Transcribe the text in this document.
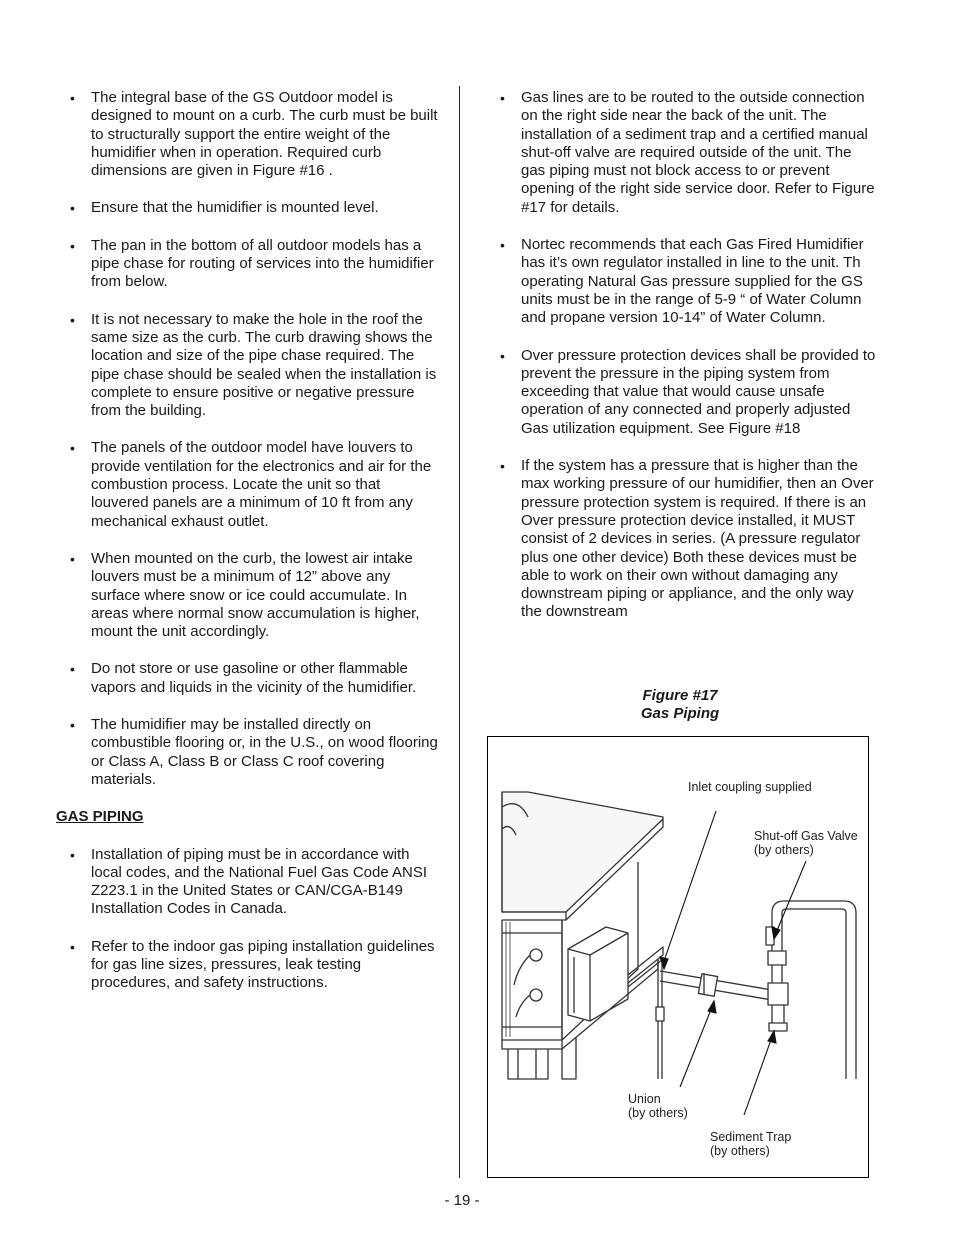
• The integral base of the GS Outdoor model is designed to mount on a curb. The curb must be built to structurally support the entire weight of the humidifier when in operation. Required curb dimensions are given in Figure #16 .
• Ensure that the humidifier is mounted level.
• The pan in the bottom of all outdoor models has a pipe chase for routing of services into the humidifier from below.
• It is not necessary to make the hole in the roof the same size as the curb. The curb drawing shows the location and size of the pipe chase required. The pipe chase should be sealed when the installation is complete to ensure positive or negative pressure from the building.
• The panels of the outdoor model have louvers to provide ventilation for the electronics and air for the combustion process. Locate the unit so that louvered panels are a minimum of 10 ft from any mechanical exhaust outlet.
• When mounted on the curb, the lowest air intake louvers must be a minimum of 12” above any surface where snow or ice could accumulate. In areas where normal snow accumulation is higher, mount the unit accordingly.
• Do not store or use gasoline or other flammable vapors and liquids in the vicinity of the humidifier.
• The humidifier may be installed directly on combustible flooring or, in the U.S., on wood flooring or Class A, Class B or Class C roof covering materials.
GAS PIPING
• Installation of piping must be in accordance with local codes, and the National Fuel Gas Code ANSI Z223.1 in the United States or CAN/CGA-B149 Installation Codes in Canada.
• Refer to the indoor gas piping installation guidelines for gas line sizes, pressures, leak testing procedures, and safety instructions.
• Gas lines are to be routed to the outside connection on the right side near the back of the unit. The installation of a sediment trap and a certified manual shut-off valve are required outside of the unit. The gas piping must not block access to or prevent opening of the right side service door. Refer to Figure #17 for details.
• Nortec recommends that each Gas Fired Humidifier has it’s own regulator installed in line to the unit. Th operating Natural Gas pressure supplied for the GS units must be in the range of 5-9 “ of Water Column and propane version 10-14” of Water Column.
• Over pressure protection devices shall be provided to prevent the pressure in the piping system from exceeding that value that would cause unsafe operation of any connected and properly adjusted Gas utilization equipment. See Figure #18
• If the system has a pressure that is higher than the max working pressure of our humidifier, then an Over pressure protection system is required. If there is an Over pressure protection device installed, it MUST consist of 2 devices in series. (A pressure regulator plus one other device) Both these devices must be able to work on their own without damaging any downstream piping or appliance, and the only way the downstream
Figure #17
Gas Piping
Inlet coupling supplied
Shut-off Gas Valve
(by others)
Union
(by others)
Sediment Trap
(by others)
- 19 -
